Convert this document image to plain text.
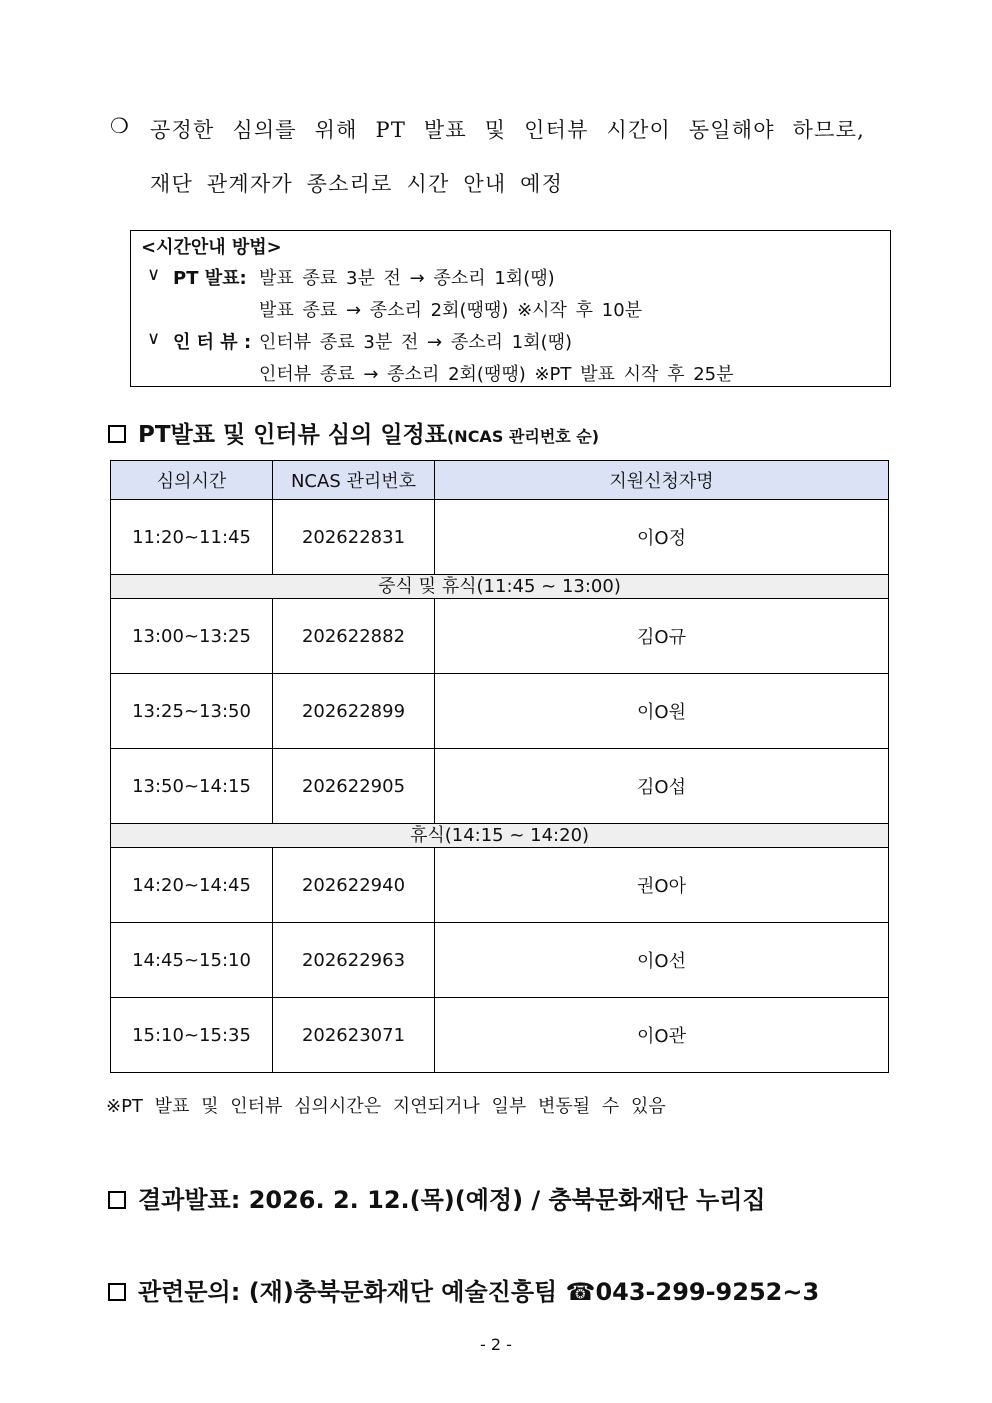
❍ 공정한 심의를 위해 PT 발표 및 인터뷰 시간이 동일해야 하므로,
재단 관계자가 종소리로 시간 안내 예정
<시간안내 방법>
∨ PT 발표: 발표 종료 3분 전 → 종소리 1회(땡)
발표 종료 → 종소리 2회(땡땡) ※시작 후 10분
∨ 인 터 뷰 : 인터뷰 종료 3분 전 → 종소리 1회(땡)
인터뷰 종료 → 종소리 2회(땡땡) ※PT 발표 시작 후 25분
PT발표 및 인터뷰 심의 일정표(NCAS 관리번호 순)
심의시간	NCAS 관리번호	지원신청자명
11:20~11:45	202622831	이O정
중식 및 휴식(11:45 ~ 13:00)		
13:00~13:25	202622882	김O규
13:25~13:50	202622899	이O원
13:50~14:15	202622905	김O섭
휴식(14:15 ~ 14:20)		
14:20~14:45	202622940	권O아
14:45~15:10	202622963	이O선
15:10~15:35	202623071	이O관
※PT 발표 및 인터뷰 심의시간은 지연되거나 일부 변동될 수 있음
결과발표: 2026. 2. 12.(목)(예정) / 충북문화재단 누리집
관련문의: (재)충북문화재단 예술진흥팀 ☎043-299-9252~3
- 2 -
